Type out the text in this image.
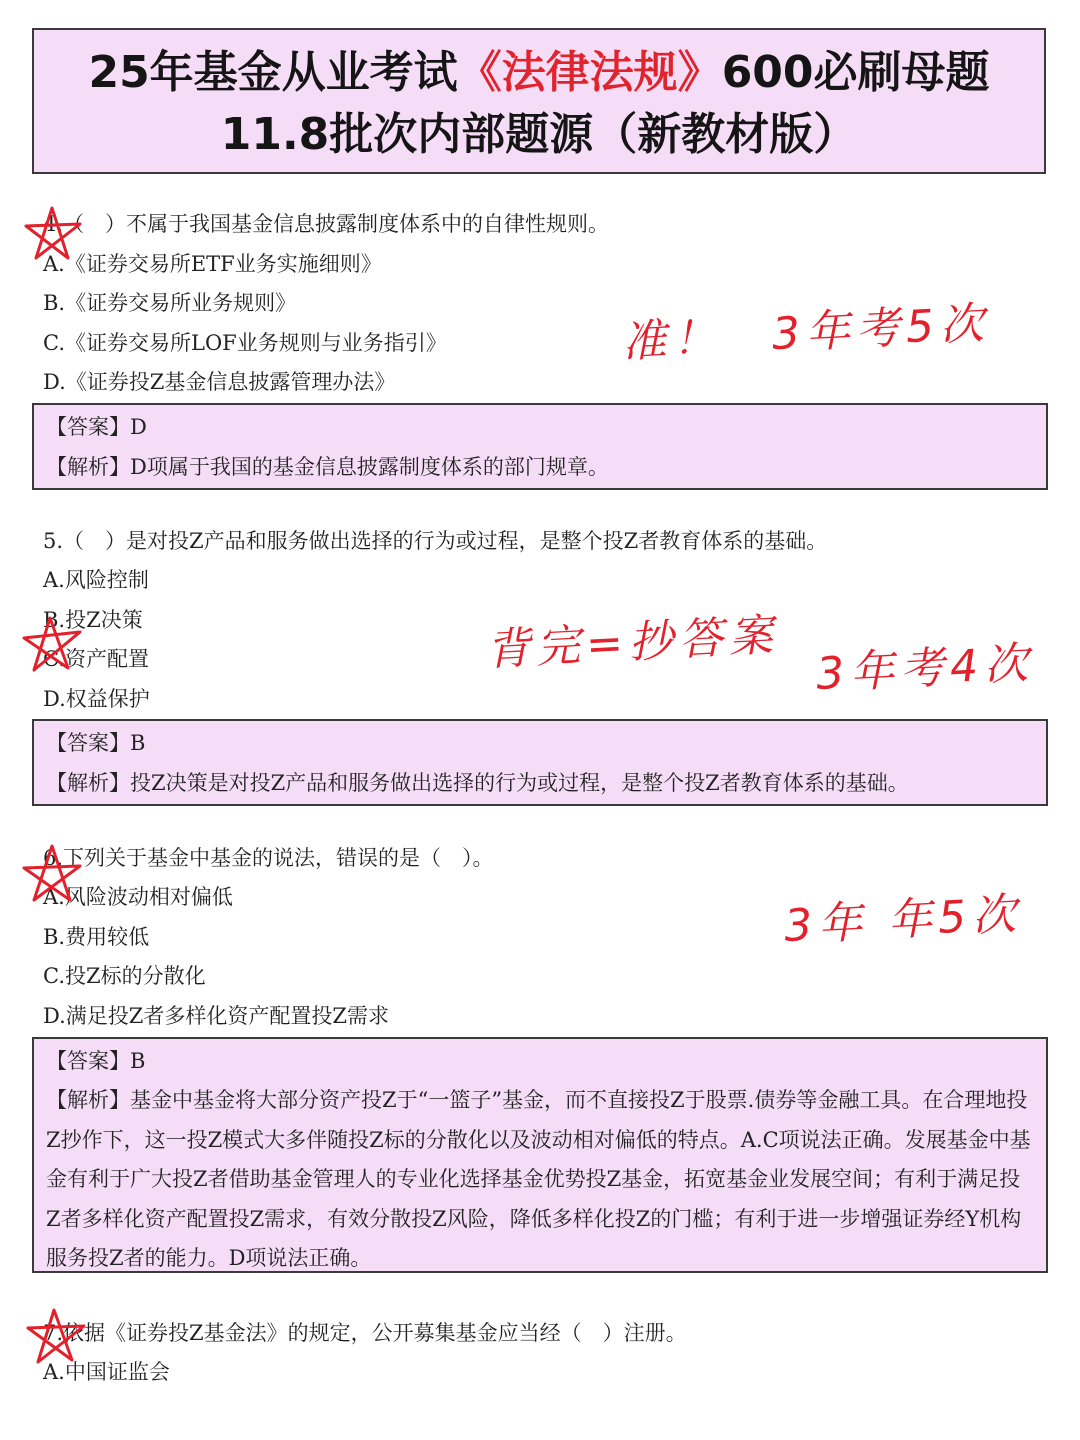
25年基金从业考试《法律法规》600必刷母题
11.8批次内部题源（新教材版）
4.（　）不属于我国基金信息披露制度体系中的自律性规则。
A.《证券交易所ETF业务实施细则》
B.《证券交易所业务规则》
C.《证券交易所LOF业务规则与业务指引》
D.《证券投Z基金信息披露管理办法》
【答案】D
【解析】D项属于我国的基金信息披露制度体系的部门规章。
5.（　）是对投Z产品和服务做出选择的行为或过程，是整个投Z者教育体系的基础。
A.风险控制
B.投Z决策
C.资产配置
D.权益保护
【答案】B
【解析】投Z决策是对投Z产品和服务做出选择的行为或过程，是整个投Z者教育体系的基础。
6.下列关于基金中基金的说法，错误的是（　）。
A.风险波动相对偏低
B.费用较低
C.投Z标的分散化
D.满足投Z者多样化资产配置投Z需求
【答案】B
【解析】基金中基金将大部分资产投Z于“一篮子”基金，而不直接投Z于股票.债券等金融工具。在合理地投Z抄作下，这一投Z模式大多伴随投Z标的分散化以及波动相对偏低的特点。A.C项说法正确。发展基金中基金有利于广大投Z者借助基金管理人的专业化选择基金优势投Z基金，拓宽基金业发展空间；有利于满足投Z者多样化资产配置投Z需求，有效分散投Z风险，降低多样化投Z的门槛；有利于进一步增强证券经Y机构服务投Z者的能力。D项说法正确。
7.依据《证券投Z基金法》的规定，公开募集基金应当经（　）注册。
A.中国证监会
准！　3年考5次
背完=抄答案 3年考4次
3年 年5次
